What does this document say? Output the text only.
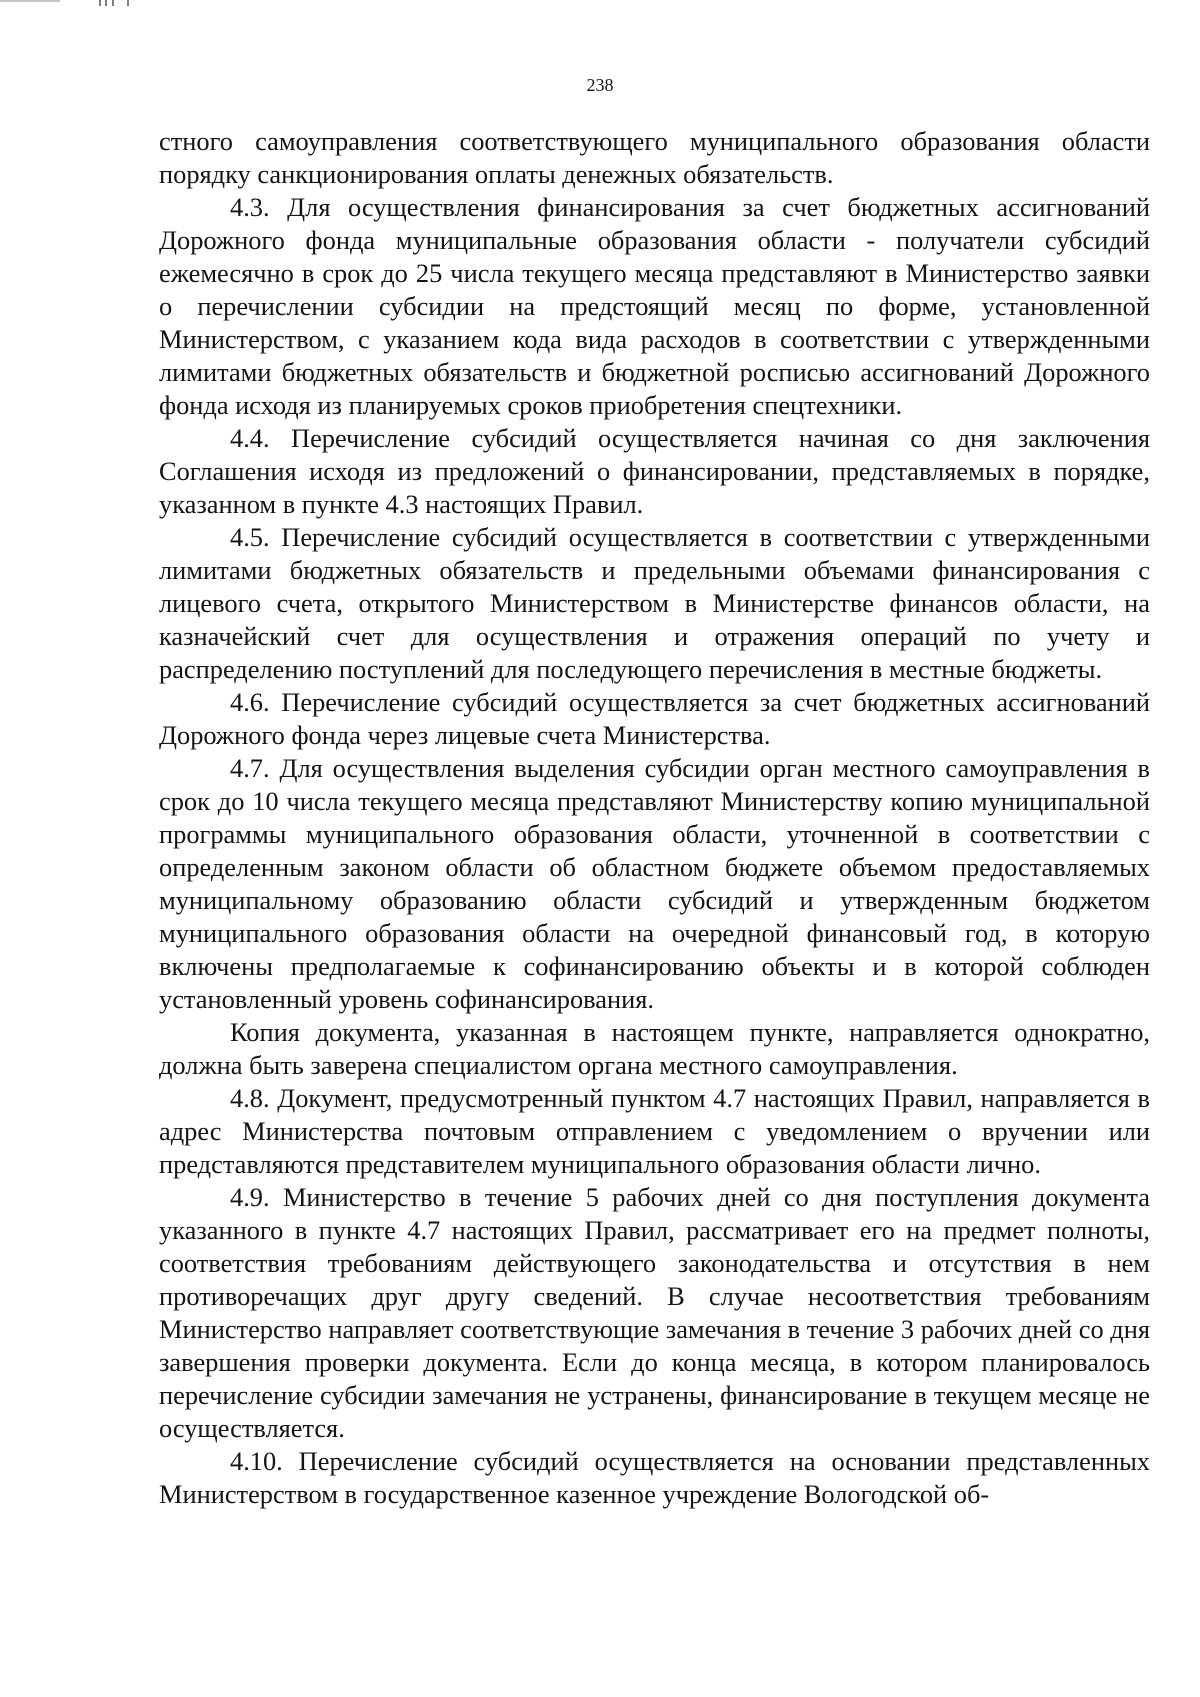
238

стного самоуправления соответствующего муниципального образования области порядку санкционирования оплаты денежных обязательств.

4.3. Для осуществления финансирования за счет бюджетных ассигнований Дорожного фонда муниципальные образования области - получатели субсидий ежемесячно в срок до 25 числа текущего месяца представляют в Министерство заявки о перечислении субсидии на предстоящий месяц по форме, установленной Министерством, с указанием кода вида расходов в соответствии с утвержденными лимитами бюджетных обязательств и бюджетной росписью ассигнований Дорожного фонда исходя из планируемых сроков приобретения спецтехники.

4.4. Перечисление субсидий осуществляется начиная со дня заключения Соглашения исходя из предложений о финансировании, представляемых в порядке, указанном в пункте 4.3 настоящих Правил.

4.5. Перечисление субсидий осуществляется в соответствии с утвержденными лимитами бюджетных обязательств и предельными объемами финансирования с лицевого счета, открытого Министерством в Министерстве финансов области, на казначейский счет для осуществления и отражения операций по учету и распределению поступлений для последующего перечисления в местные бюджеты.

4.6. Перечисление субсидий осуществляется за счет бюджетных ассигнований Дорожного фонда через лицевые счета Министерства.

4.7. Для осуществления выделения субсидии орган местного самоуправления в срок до 10 числа текущего месяца представляют Министерству копию муниципальной программы муниципального образования области, уточненной в соответствии с определенным законом области об областном бюджете объемом предоставляемых муниципальному образованию области субсидий и утвержденным бюджетом муниципального образования области на очередной финансовый год, в которую включены предполагаемые к софинансированию объекты и в которой соблюден установленный уровень софинансирования.

Копия документа, указанная в настоящем пункте, направляется однократно, должна быть заверена специалистом органа местного самоуправления.

4.8. Документ, предусмотренный пунктом 4.7 настоящих Правил, направляется в адрес Министерства почтовым отправлением с уведомлением о вручении или представляются представителем муниципального образования области лично.

4.9. Министерство в течение 5 рабочих дней со дня поступления документа указанного в пункте 4.7 настоящих Правил, рассматривает его на предмет полноты, соответствия требованиям действующего законодательства и отсутствия в нем противоречащих друг другу сведений. В случае несоответствия требованиям Министерство направляет соответствующие замечания в течение 3 рабочих дней со дня завершения проверки документа. Если до конца месяца, в котором планировалось перечисление субсидии замечания не устранены, финансирование в текущем месяце не осуществляется.

4.10. Перечисление субсидий осуществляется на основании представленных Министерством в государственное казенное учреждение Вологодской об-
